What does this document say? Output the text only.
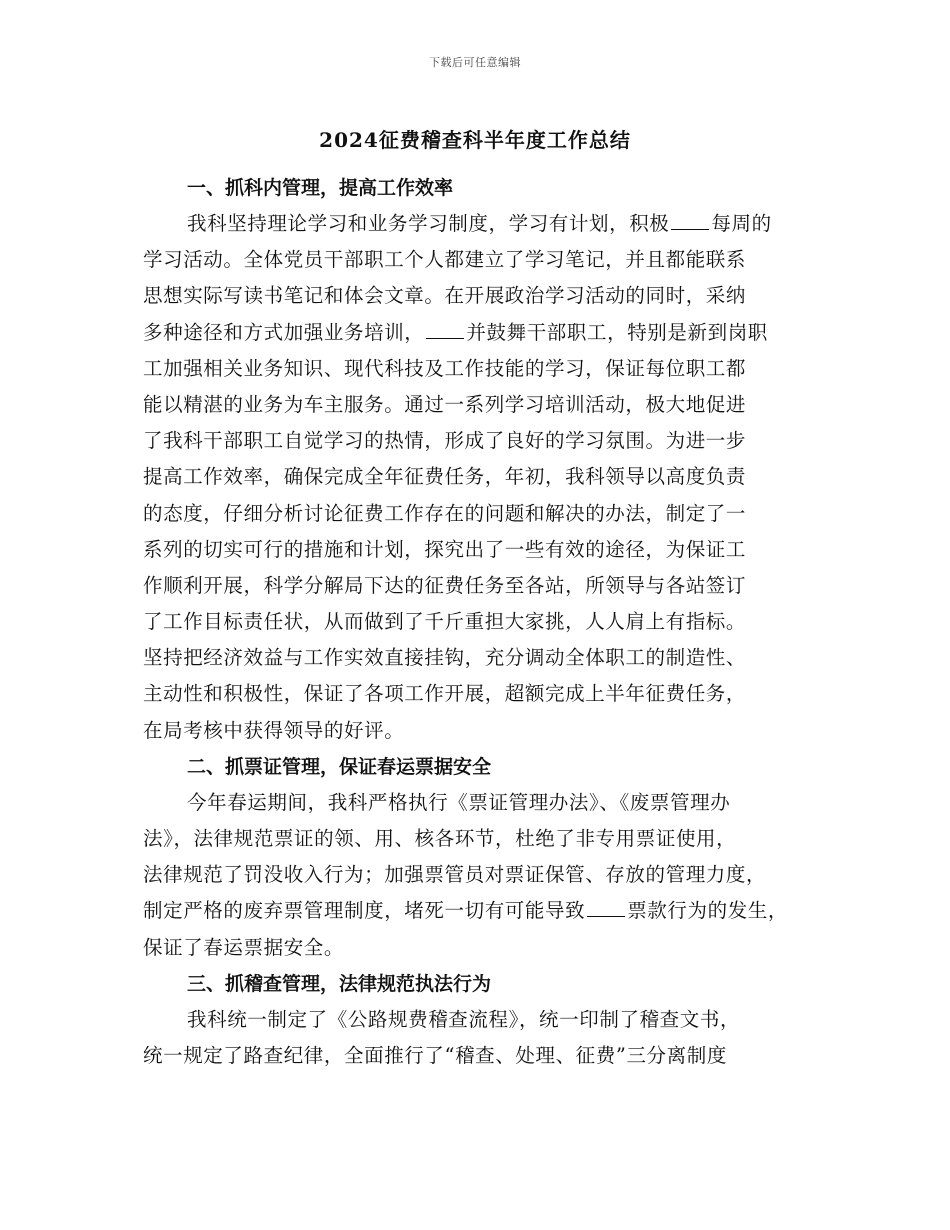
下载后可任意编辑
2024征费稽查科半年度工作总结
一、抓科内管理，提高工作效率
我科坚持理论学习和业务学习制度，学习有计划，积极 每周的
学习活动。全体党员干部职工个人都建立了学习笔记，并且都能联系
思想实际写读书笔记和体会文章。在开展政治学习活动的同时，采纳
多种途径和方式加强业务培训， 并鼓舞干部职工，特别是新到岗职
工加强相关业务知识、现代科技及工作技能的学习，保证每位职工都
能以精湛的业务为车主服务。通过一系列学习培训活动，极大地促进
了我科干部职工自觉学习的热情，形成了良好的学习氛围。为进一步
提高工作效率，确保完成全年征费任务，年初，我科领导以高度负责
的态度，仔细分析讨论征费工作存在的问题和解决的办法，制定了一
系列的切实可行的措施和计划，探究出了一些有效的途径，为保证工
作顺利开展，科学分解局下达的征费任务至各站，所领导与各站签订
了工作目标责任状，从而做到了千斤重担大家挑，人人肩上有指标。
坚持把经济效益与工作实效直接挂钩，充分调动全体职工的制造性、
主动性和积极性，保证了各项工作开展，超额完成上半年征费任务，
在局考核中获得领导的好评。
二、抓票证管理，保证春运票据安全
今年春运期间，我科严格执行《票证管理办法》、《废票管理办
法》，法律规范票证的领、用、核各环节，杜绝了非专用票证使用，
法律规范了罚没收入行为；加强票管员对票证保管、存放的管理力度，
制定严格的废弃票管理制度，堵死一切有可能导致 票款行为的发生，
保证了春运票据安全。
三、抓稽查管理，法律规范执法行为
我科统一制定了《公路规费稽查流程》，统一印制了稽查文书，
统一规定了路查纪律，全面推行了“稽查、处理、征费”三分离制度
